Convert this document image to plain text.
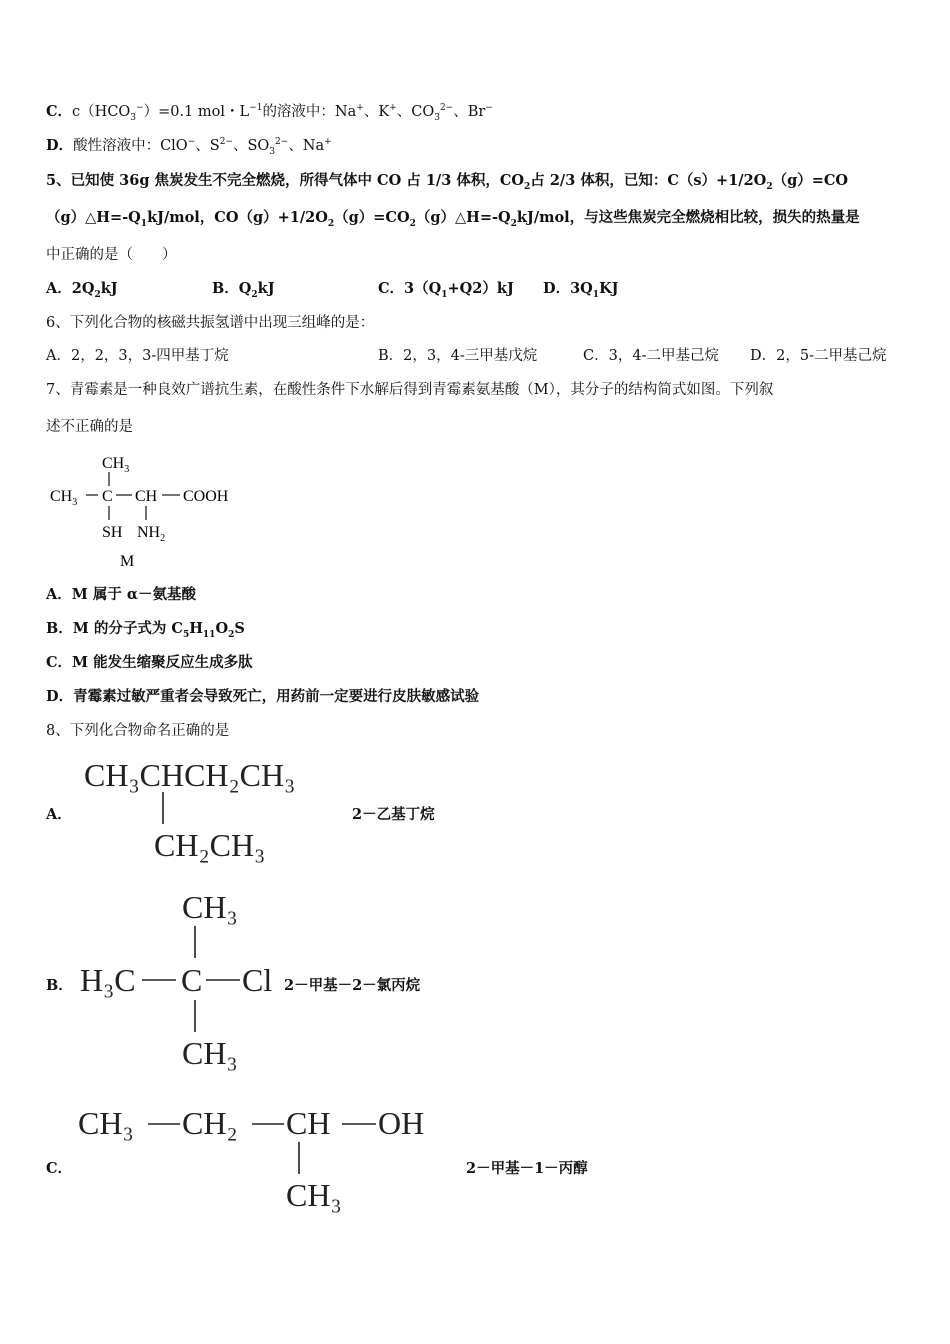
C．$c(HCO_3^-)=0.1$ mol・$L^{-1}$的溶液中：Na+、K+、$CO_3^{2-}$、Br−
D．酸性溶液中：ClO−、$S^{2-}$、$SO_3^{2-}$、Na+
5、已知使 36g 焦炭发生不完全燃烧，所得气体中 CO 占 1/3 体积，$CO_2$占 2/3 体积，已知：$C(s)+1/2O_2(g)=CO$
$(g)\triangle H=-Q_1kJ$/mol，$CO(g)+1/2O_2(g)=CO_2(g)\triangle H=-Q_2kJ$/mol，与这些焦炭完全燃烧相比较，损失的热量是
中正确的是（　　）
A．$2Q_2kJ$	B．$Q_2kJ$	C．$3(Q_1+Q2)kJ$ D．$3Q_1KJ$
6、下列化合物的核磁共振氢谱中出现三组峰的是：
A．2，2，3，3-四甲基丁烷	B．2，3，4-三甲基戊烷	C．3，4-二甲基己烷 D．2，5-二甲基己烷
7、青霉素是一种良效广谱抗生素，在酸性条件下水解后得到青霉素氨基酸（M），其分子的结构简式如图。下列叙
述不正确的是
$CH_3$
$CH_3$ C CH COOH
SH $NH_2$
M
A．M 属于 α－氨基酸
B．M 的分子式为 $C_5H_{11}O_2S$
C．M 能发生缩聚反应生成多肽
D．青霉素过敏严重者会导致死亡，用药前一定要进行皮肤敏感试验
8、下列化合物命名正确的是
A．
CH₃CHCH₂CH₃
CH₂CH₃
2－乙基丁烷
B．
CH₃
H₃C C Cl
CH₃
2－甲基－2－氯丙烷
C．
CH₃ CH₂ CH OH
CH₃
2－甲基－1－丙醇
